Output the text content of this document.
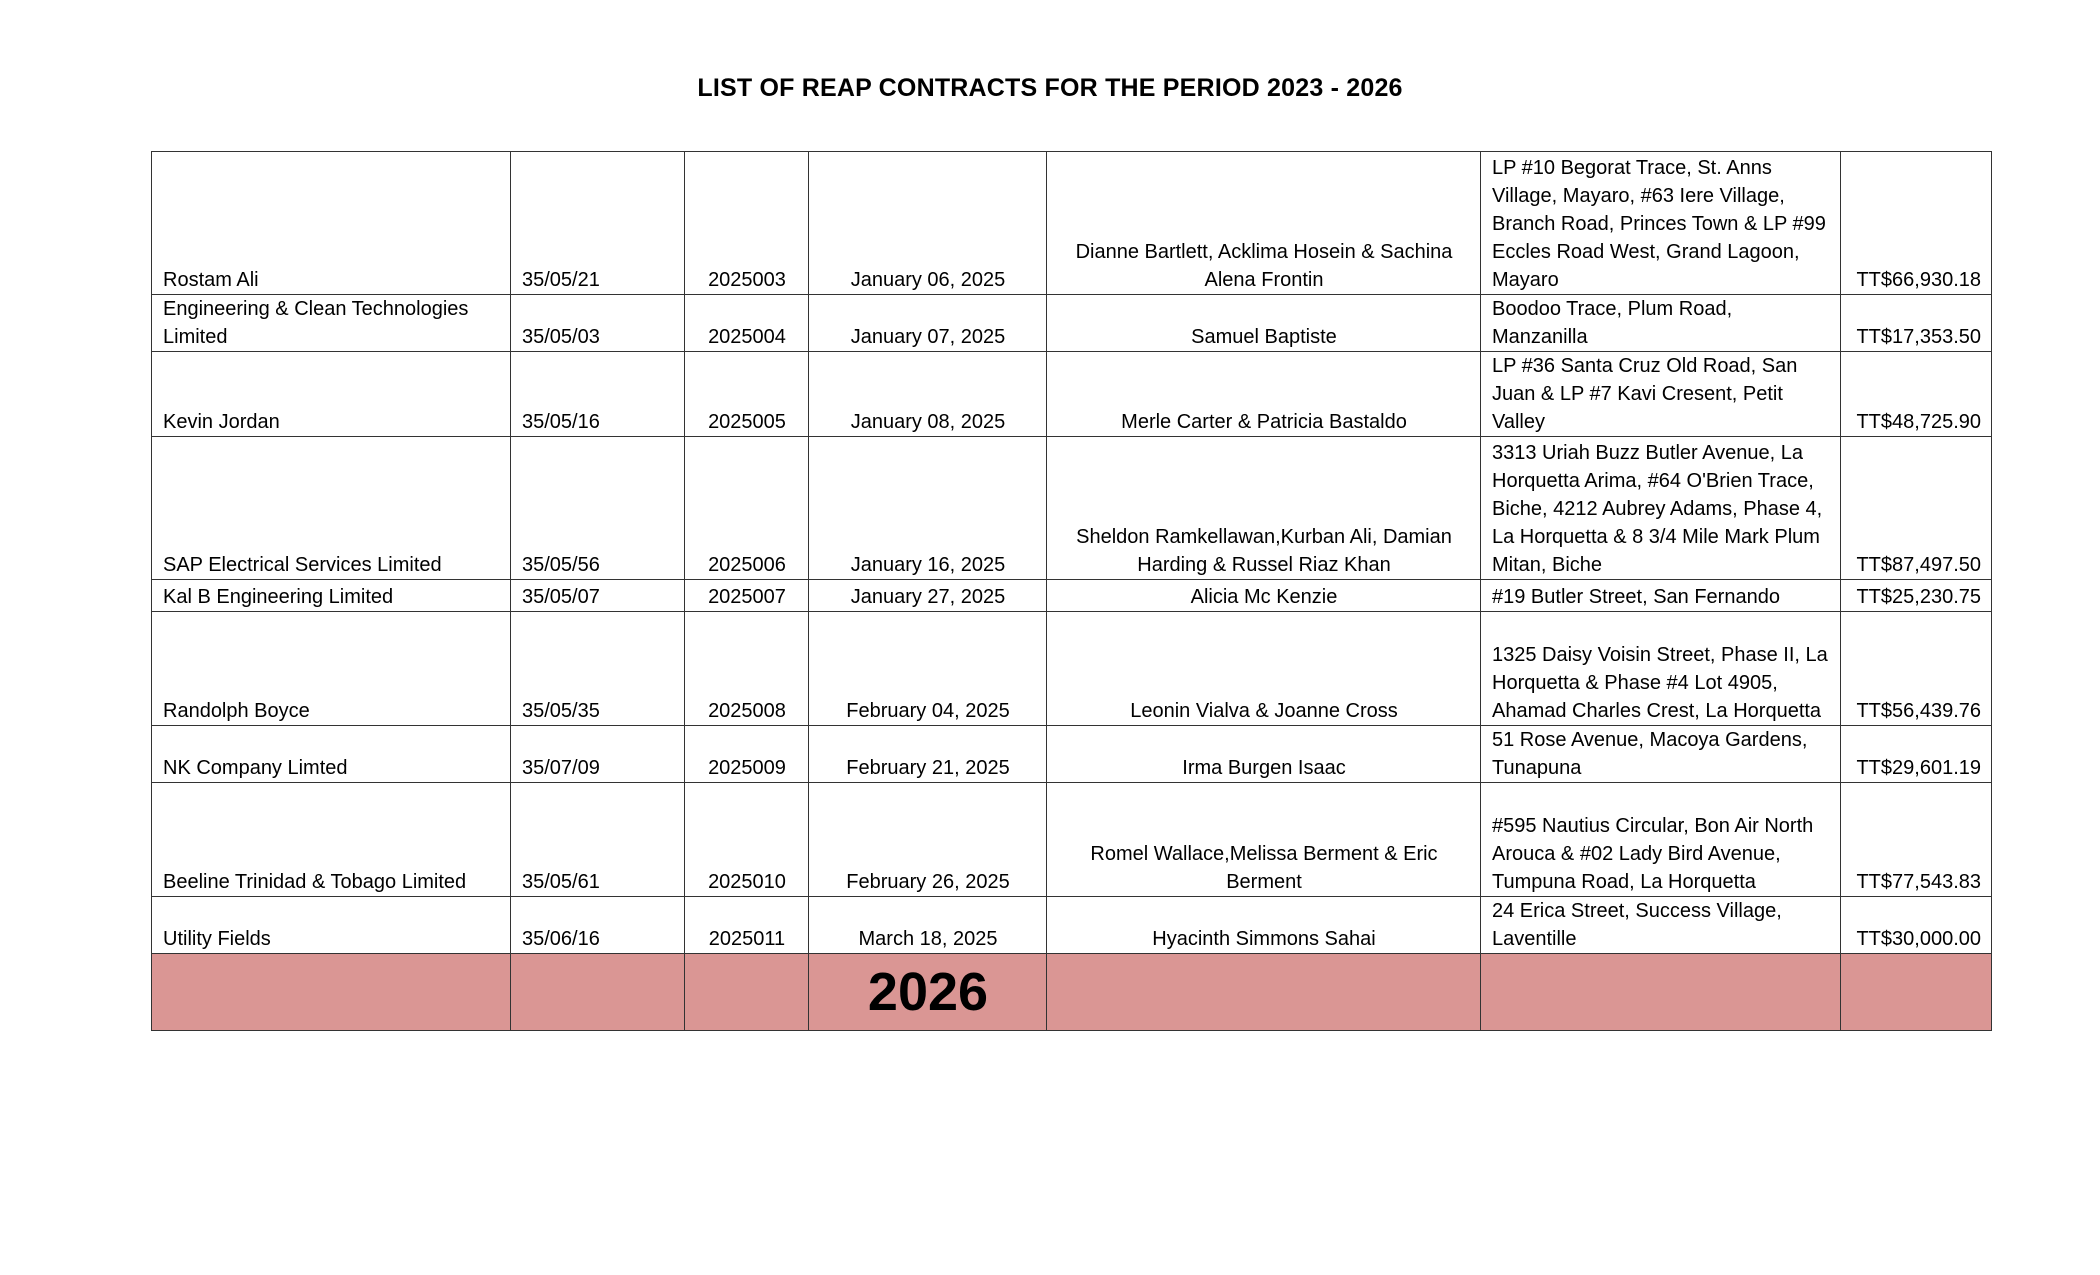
LIST OF REAP CONTRACTS FOR THE PERIOD 2023 - 2026
Rostam Ali	35/05/21	2025003	January 06, 2025	Dianne Bartlett, Acklima Hosein & Sachina Alena Frontin	LP #10 Begorat Trace, St. Anns Village, Mayaro, #63 Iere Village, Branch Road, Princes Town & LP #99 Eccles Road West, Grand Lagoon, Mayaro	TT$66,930.18
Engineering & Clean Technologies Limited	35/05/03	2025004	January 07, 2025	Samuel Baptiste	Boodoo Trace, Plum Road, Manzanilla	TT$17,353.50
Kevin Jordan	35/05/16	2025005	January 08, 2025	Merle Carter & Patricia Bastaldo	LP #36 Santa Cruz Old Road, San Juan & LP #7 Kavi Cresent, Petit Valley	TT$48,725.90
SAP Electrical Services Limited	35/05/56	2025006	January 16, 2025	Sheldon Ramkellawan,Kurban Ali, Damian Harding & Russel Riaz Khan	3313 Uriah Buzz Butler Avenue, La Horquetta Arima, #64 O'Brien Trace, Biche, 4212 Aubrey Adams, Phase 4, La Horquetta & 8 3/4 Mile Mark Plum Mitan, Biche	TT$87,497.50
Kal B Engineering Limited	35/05/07	2025007	January 27, 2025	Alicia Mc Kenzie	#19 Butler Street, San Fernando	TT$25,230.75
Randolph Boyce	35/05/35	2025008	February 04, 2025	Leonin Vialva & Joanne Cross	1325 Daisy Voisin Street, Phase II, La Horquetta & Phase #4 Lot 4905, Ahamad Charles Crest, La Horquetta	TT$56,439.76
NK Company Limted	35/07/09	2025009	February 21, 2025	Irma Burgen Isaac	51 Rose Avenue, Macoya Gardens, Tunapuna	TT$29,601.19
Beeline Trinidad & Tobago Limited	35/05/61	2025010	February 26, 2025	Romel Wallace,Melissa Berment & Eric Berment	#595 Nautius Circular, Bon Air North Arouca & #02 Lady Bird Avenue, Tumpuna Road, La Horquetta	TT$77,543.83
Utility Fields	35/06/16	2025011	March 18, 2025	Hyacinth Simmons Sahai	24 Erica Street, Success Village, Laventille	TT$30,000.00
			2026			
